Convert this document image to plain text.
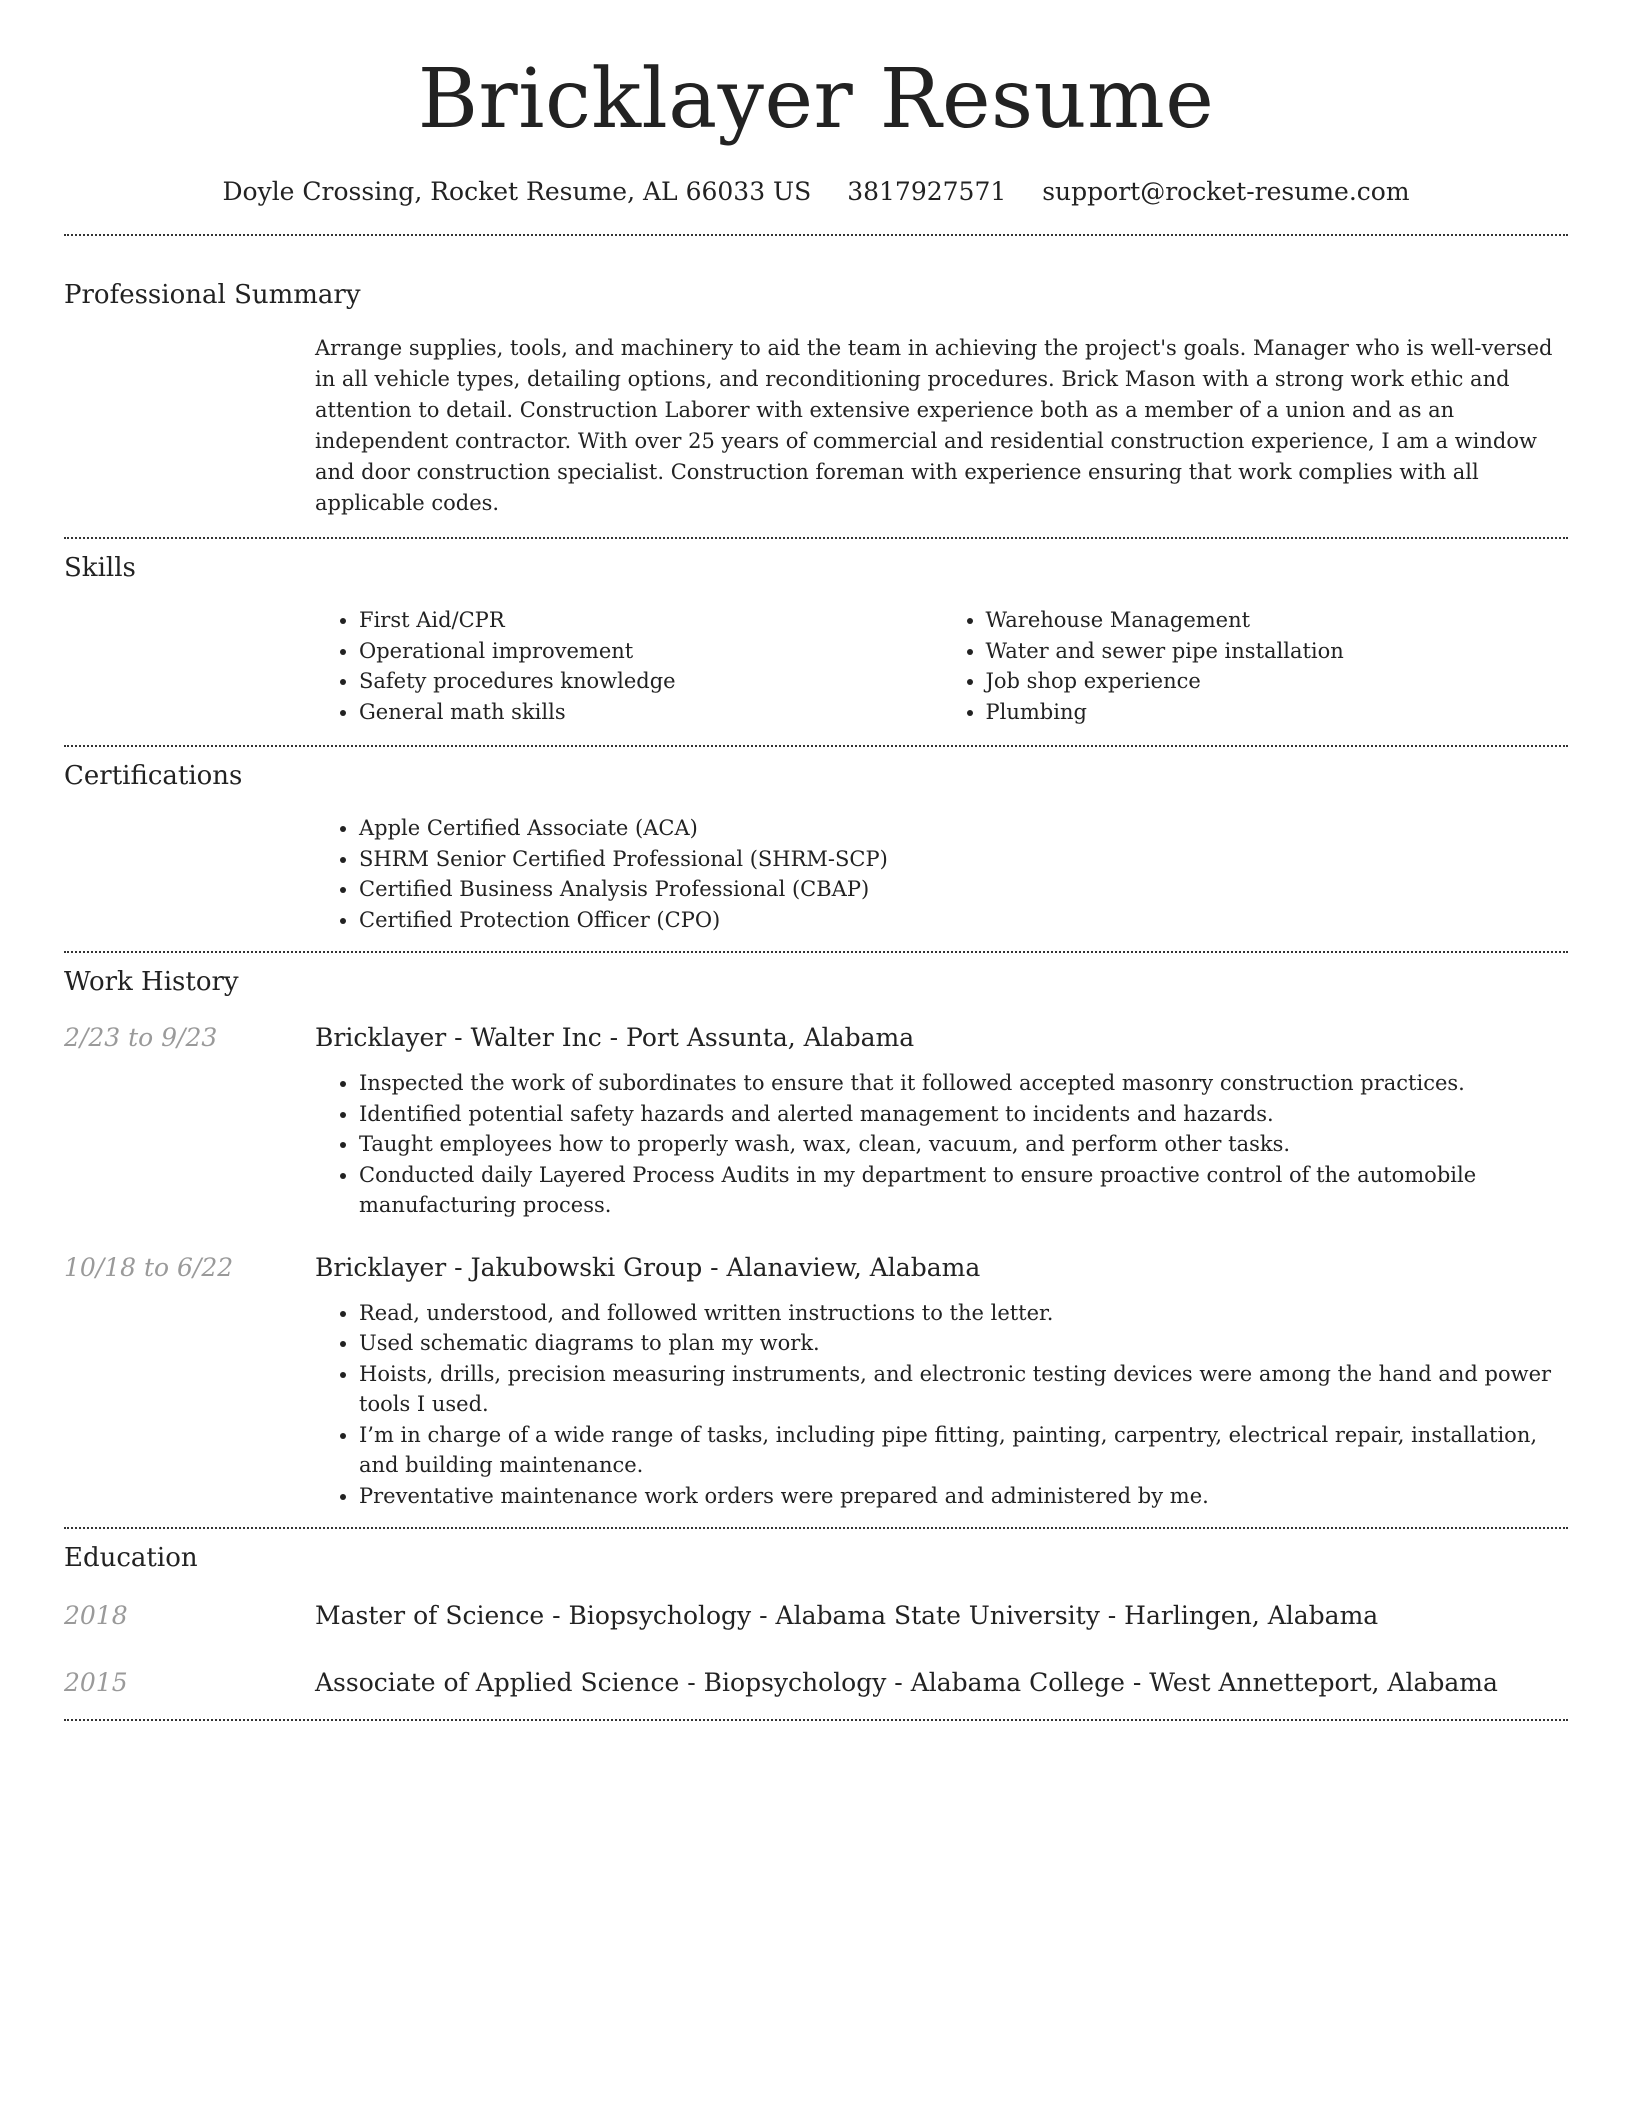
Bricklayer Resume
Doyle Crossing, Rocket Resume, AL 66033 US 3817927571 support@rocket-resume.com
Professional Summary

Arrange supplies, tools, and machinery to aid the team in achieving the project's goals. Manager who is well-versed in all vehicle types, detailing options, and reconditioning procedures. Brick Mason with a strong work ethic and attention to detail. Construction Laborer with extensive experience both as a member of a union and as an independent contractor. With over 25 years of commercial and residential construction experience, I am a window and door construction specialist. Construction foreman with experience ensuring that work complies with all applicable codes.

Skills
• First Aid/CPR
• Operational improvement
• Safety procedures knowledge
• General math skills
• Warehouse Management
• Water and sewer pipe installation
• Job shop experience
• Plumbing
Certifications
• Apple Certified Associate (ACA)
• SHRM Senior Certified Professional (SHRM-SCP)
• Certified Business Analysis Professional (CBAP)
• Certified Protection Officer (CPO)
Work History
2/23 to 9/23	Bricklayer - Walter Inc - Port Assunta, Alabama
• Inspected the work of subordinates to ensure that it followed accepted masonry construction practices.
• Identified potential safety hazards and alerted management to incidents and hazards.
• Taught employees how to properly wash, wax, clean, vacuum, and perform other tasks.
• Conducted daily Layered Process Audits in my department to ensure proactive control of the automobile manufacturing process.
10/18 to 6/22	Bricklayer - Jakubowski Group - Alanaview, Alabama
• Read, understood, and followed written instructions to the letter.
• Used schematic diagrams to plan my work.
• Hoists, drills, precision measuring instruments, and electronic testing devices were among the hand and power tools I used.
• I’m in charge of a wide range of tasks, including pipe fitting, painting, carpentry, electrical repair, installation, and building maintenance.
• Preventative maintenance work orders were prepared and administered by me.
Education
2018	Master of Science - Biopsychology - Alabama State University - Harlingen, Alabama
2015	Associate of Applied Science - Biopsychology - Alabama College - West Annetteport, Alabama
